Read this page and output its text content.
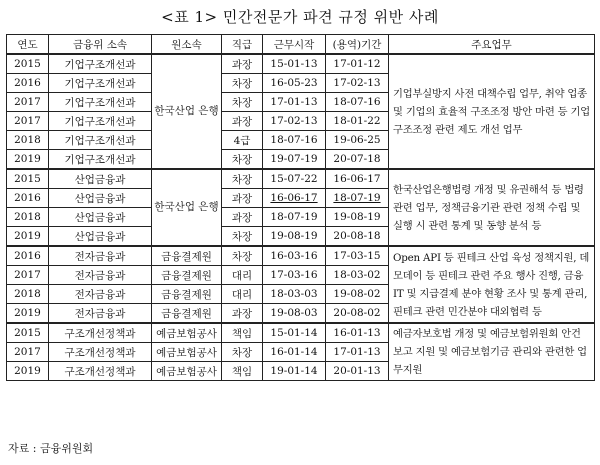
<표 1> 민간전문가 파견 규정 위반 사례
연도	금융위 소속	원소속	직급	근무시작	(용역)기간	주요업무
2015	기업구조개선과	한국산업 은행	과장	15-01-13	17-01-12	기업부실방지 사전 대책수립 업무, 취약 업종 및 기업의 효율적 구조조정 방안 마련 등 기업구조조정 관련 제도 개선 업무
2016	기업구조개선과		차장	16-05-23	17-02-13	
2017	기업구조개선과		차장	17-01-13	18-07-16	
2017	기업구조개선과		과장	17-02-13	18-01-22	
2018	기업구조개선과		4급	18-07-16	19-06-25	
2019	기업구조개선과		차장	19-07-19	20-07-18	
2015	산업금융과	한국산업 은행	차장	15-07-22	16-06-17	한국산업은행법령 개정 및 유권해석 등 법령 관련 업무, 정책금융기관 관련 정책 수립 및 실행 시 관련 통계 및 동향 분석 등
2016	산업금융과		과장	16-06-17	18-07-19	
2018	산업금융과		과장	18-07-19	19-08-19	
2019	산업금융과		차장	19-08-19	20-08-18	
2016	전자금융과	금융결제원	차장	16-03-16	17-03-15	Open API 등 핀테크 산업 육성 정책지원, 데모데이 등 핀테크 관련 주요 행사 진행, 금융IT 및 지급결제 분야 현황 조사 및 통계 관리, 핀테크 관련 민간분야 대외협력 등
2017	전자금융과	금융결제원	대리	17-03-16	18-03-02	
2018	전자금융과	금융결제원	대리	18-03-03	19-08-02	
2019	전자금융과	금융결제원	과장	19-08-03	20-08-02	
2015	구조개선정책과	예금보험공사	책임	15-01-14	16-01-13	예금자보호법 개정 및 예금보험위원회 안건보고 지원 및 예금보험기금 관리와 관련한 업무지원
2017	구조개선정책과	예금보험공사	차장	16-01-14	17-01-13	
2019	구조개선정책과	예금보험공사	책임	19-01-14	20-01-13	
자료 : 금융위원회
